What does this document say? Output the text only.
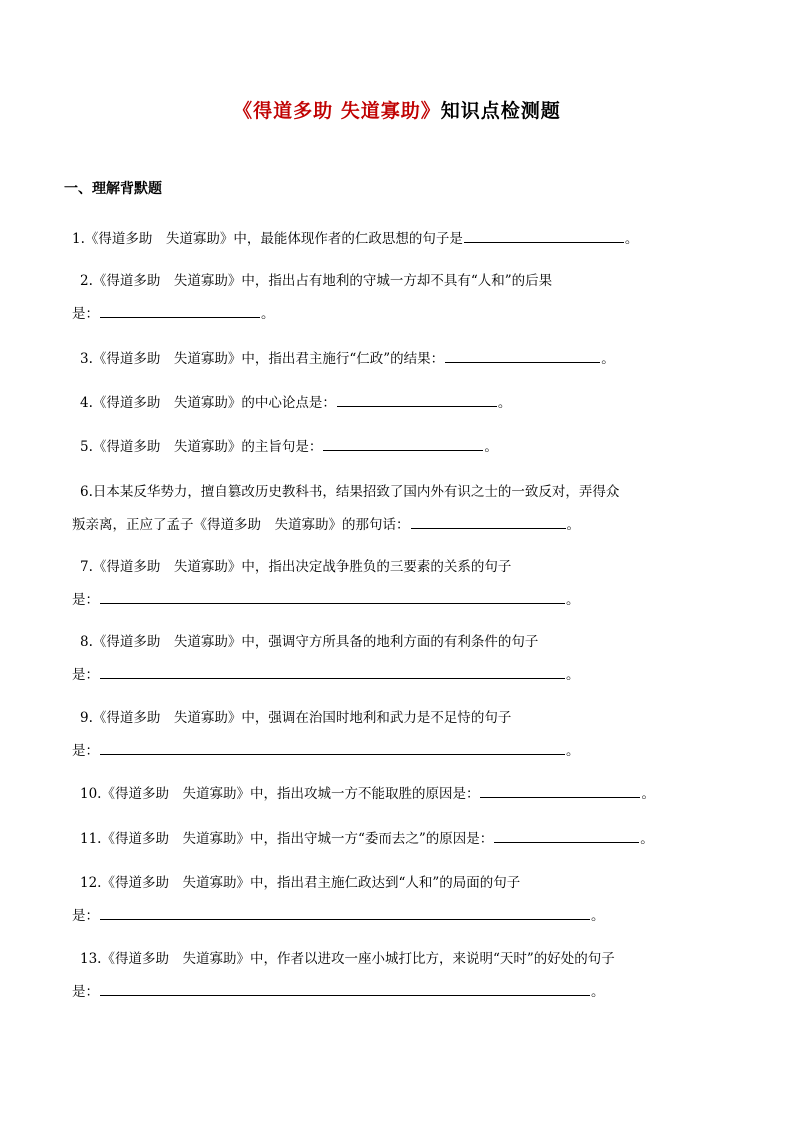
《得道多助 失道寡助》知识点检测题
一、理解背默题

1.《得道多助　失道寡助》中，最能体现作者的仁政思想的句子是	。

2.《得道多助　失道寡助》中，指出占有地利的守城一方却不具有“人和”的后果

是：	。

3.《得道多助　失道寡助》中，指出君主施行“仁政”的结果：	。

4.《得道多助　失道寡助》的中心论点是：	。

5.《得道多助　失道寡助》的主旨句是：	。

6.日本某反华势力，擅自篡改历史教科书，结果招致了国内外有识之士的一致反对，弄得众

叛亲离，正应了孟子《得道多助　失道寡助》的那句话：	。

7.《得道多助　失道寡助》中，指出决定战争胜负的三要素的关系的句子

是：	。

8.《得道多助　失道寡助》中，强调守方所具备的地利方面的有利条件的句子

是：	。

9.《得道多助　失道寡助》中，强调在治国时地利和武力是不足恃的句子

是：	。

10.《得道多助　失道寡助》中，指出攻城一方不能取胜的原因是：	。

11.《得道多助　失道寡助》中，指出守城一方“委而去之”的原因是：	。

12.《得道多助　失道寡助》中，指出君主施仁政达到“人和”的局面的句子

是：	。

13.《得道多助　失道寡助》中，作者以进攻一座小城打比方，来说明“天时”的好处的句子

是：	。
